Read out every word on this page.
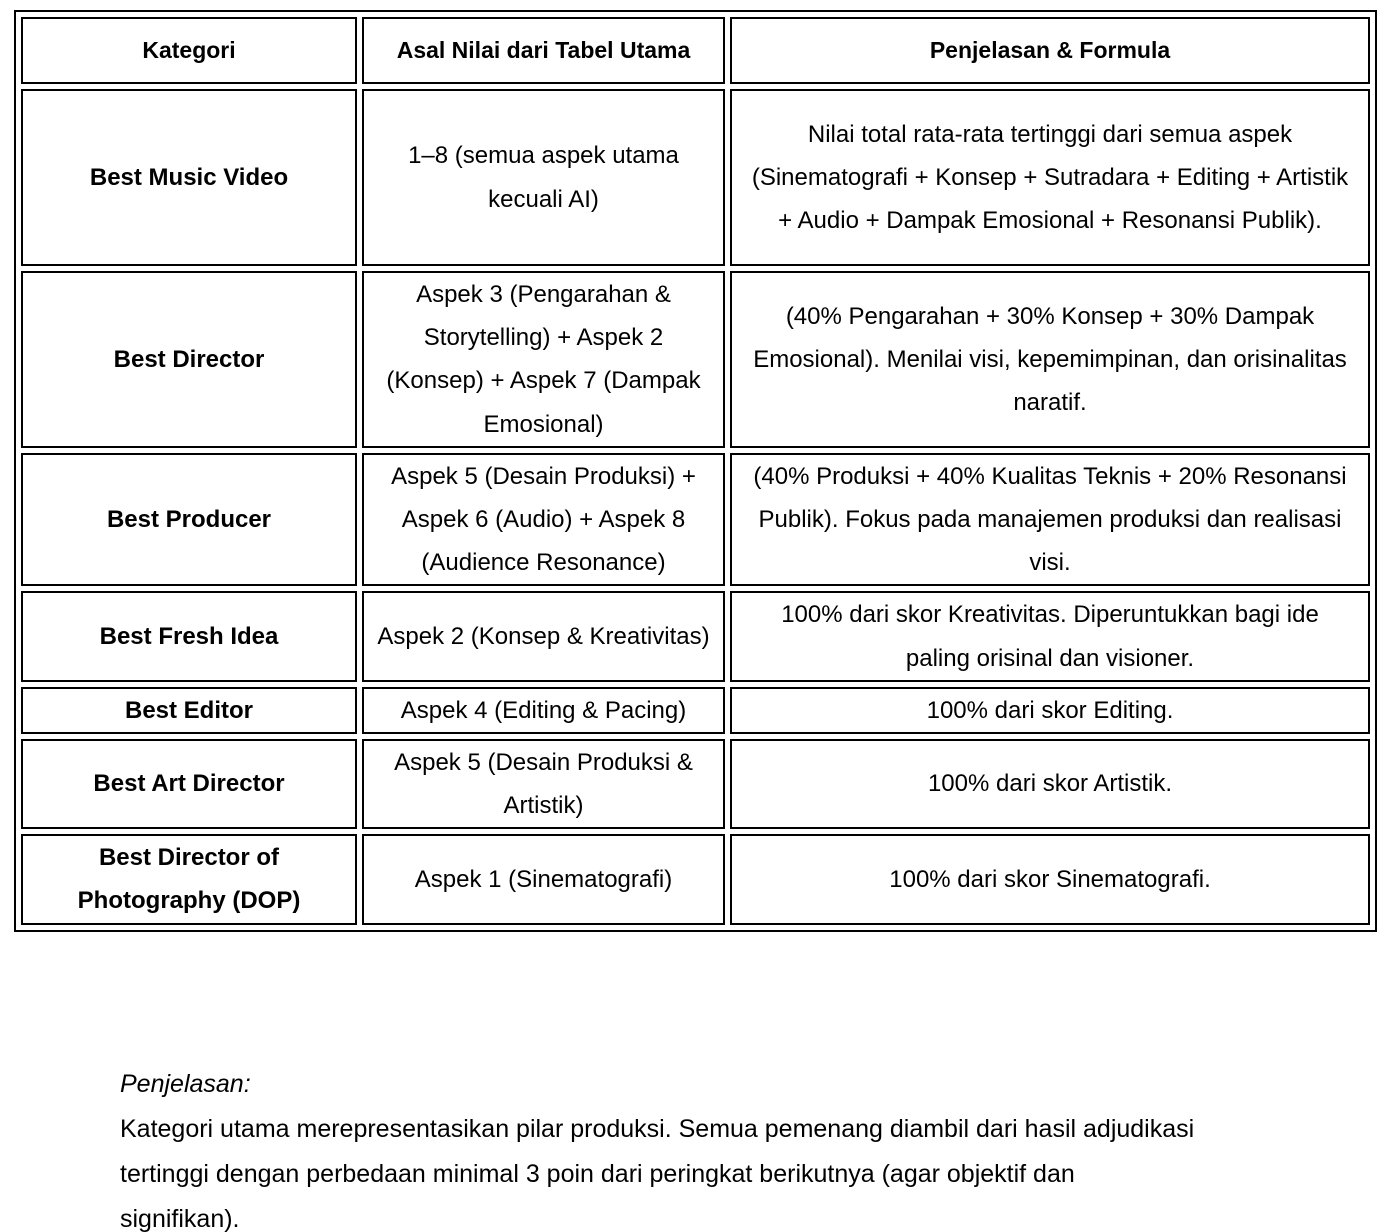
Kategori	Asal Nilai dari Tabel Utama	Penjelasan & Formula
Best Music Video	1–8 (semua aspek utama kecuali AI)	Nilai total rata-rata tertinggi dari semua aspek (Sinematografi + Konsep + Sutradara + Editing + Artistik + Audio + Dampak Emosional + Resonansi Publik).
Best Director	Aspek 3 (Pengarahan & Storytelling) + Aspek 2 (Konsep) + Aspek 7 (Dampak Emosional)	(40% Pengarahan + 30% Konsep + 30% Dampak Emosional). Menilai visi, kepemimpinan, dan orisinalitas naratif.
Best Producer	Aspek 5 (Desain Produksi) + Aspek 6 (Audio) + Aspek 8 (Audience Resonance)	(40% Produksi + 40% Kualitas Teknis + 20% Resonansi Publik). Fokus pada manajemen produksi dan realisasi visi.
Best Fresh Idea	Aspek 2 (Konsep & Kreativitas)	100% dari skor Kreativitas. Diperuntukkan bagi ide paling orisinal dan visioner.
Best Editor	Aspek 4 (Editing & Pacing)	100% dari skor Editing.
Best Art Director	Aspek 5 (Desain Produksi & Artistik)	100% dari skor Artistik.
Best Director of Photography (DOP)	Aspek 1 (Sinematografi)	100% dari skor Sinematografi.
Penjelasan:
Kategori utama merepresentasikan pilar produksi. Semua pemenang diambil dari hasil adjudikasi tertinggi dengan perbedaan minimal 3 poin dari peringkat berikutnya (agar objektif dan signifikan).
